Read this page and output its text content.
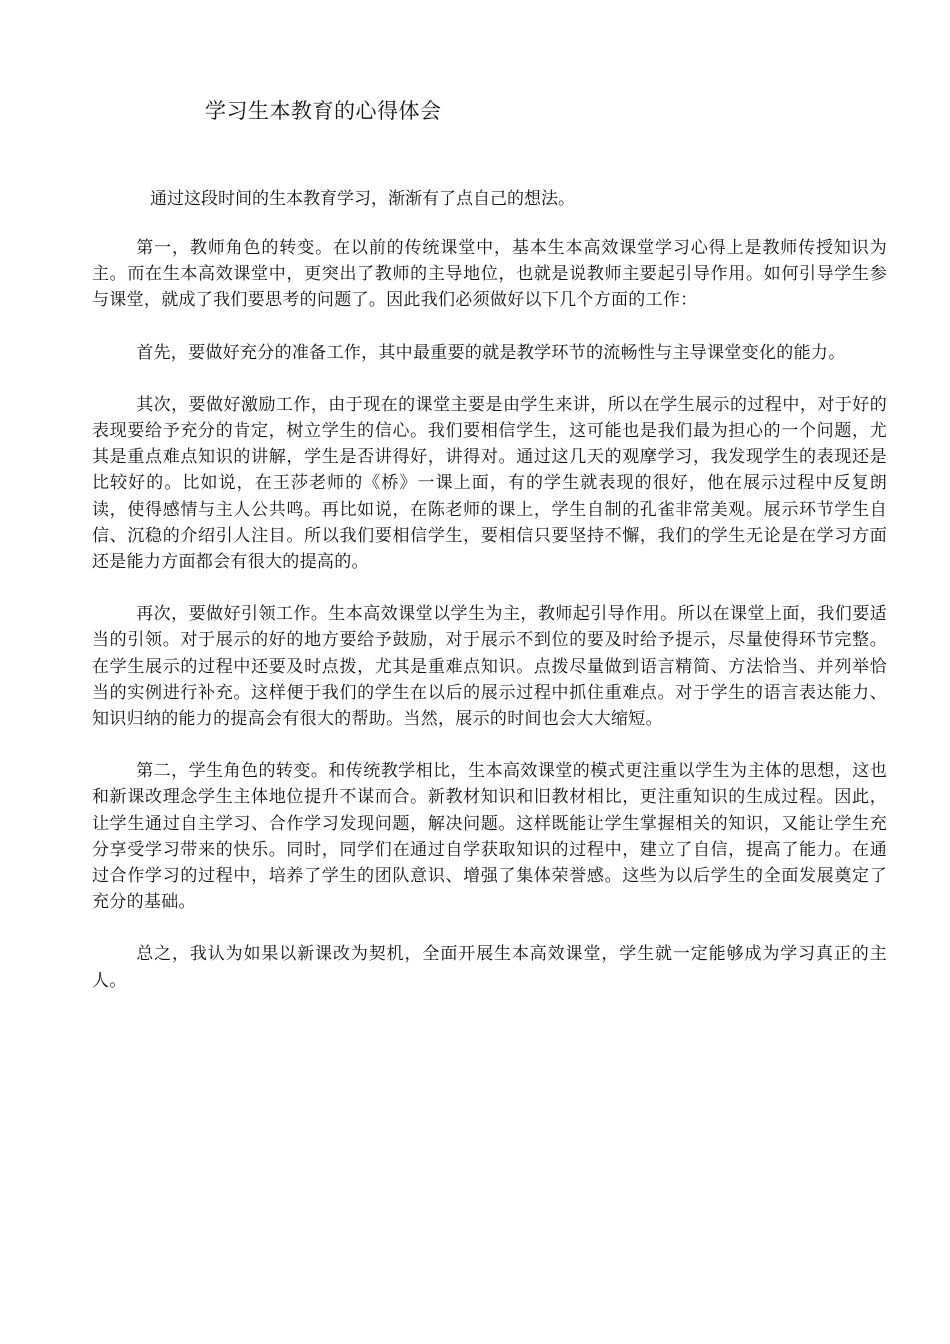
学习生本教育的心得体会

通过这段时间的生本教育学习，渐渐有了点自己的想法。

第一，教师角色的转变。在以前的传统课堂中，基本生本高效课堂学习心得上是教师传授知识为主。而在生本高效课堂中，更突出了教师的主导地位，也就是说教师主要起引导作用。如何引导学生参与课堂，就成了我们要思考的问题了。因此我们必须做好以下几个方面的工作：

首先，要做好充分的准备工作，其中最重要的就是教学环节的流畅性与主导课堂变化的能力。

其次，要做好激励工作，由于现在的课堂主要是由学生来讲，所以在学生展示的过程中，对于好的表现要给予充分的肯定，树立学生的信心。我们要相信学生，这可能也是我们最为担心的一个问题，尤其是重点难点知识的讲解，学生是否讲得好，讲得对。通过这几天的观摩学习，我发现学生的表现还是比较好的。比如说，在王莎老师的《桥》一课上面，有的学生就表现的很好，他在展示过程中反复朗读，使得感情与主人公共鸣。再比如说，在陈老师的课上，学生自制的孔雀非常美观。展示环节学生自信、沉稳的介绍引人注目。所以我们要相信学生，要相信只要坚持不懈，我们的学生无论是在学习方面还是能力方面都会有很大的提高的。

再次，要做好引领工作。生本高效课堂以学生为主，教师起引导作用。所以在课堂上面，我们要适当的引领。对于展示的好的地方要给予鼓励，对于展示不到位的要及时给予提示，尽量使得环节完整。在学生展示的过程中还要及时点拨，尤其是重难点知识。点拨尽量做到语言精简、方法恰当、并列举恰当的实例进行补充。这样便于我们的学生在以后的展示过程中抓住重难点。对于学生的语言表达能力、知识归纳的能力的提高会有很大的帮助。当然，展示的时间也会大大缩短。

第二，学生角色的转变。和传统教学相比，生本高效课堂的模式更注重以学生为主体的思想，这也和新课改理念学生主体地位提升不谋而合。新教材知识和旧教材相比，更注重知识的生成过程。因此，让学生通过自主学习、合作学习发现问题，解决问题。这样既能让学生掌握相关的知识，又能让学生充分享受学习带来的快乐。同时，同学们在通过自学获取知识的过程中，建立了自信，提高了能力。在通过合作学习的过程中，培养了学生的团队意识、增强了集体荣誉感。这些为以后学生的全面发展奠定了充分的基础。

总之，我认为如果以新课改为契机，全面开展生本高效课堂，学生就一定能够成为学习真正的主人。
